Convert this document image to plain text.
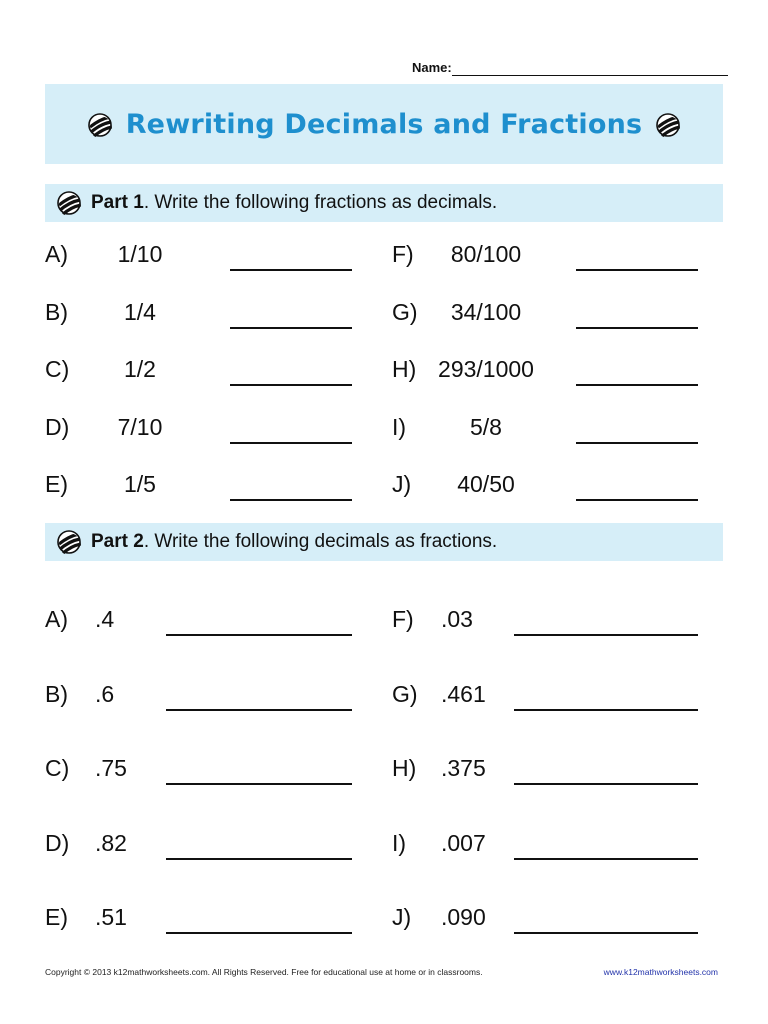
Name:
Rewriting Decimals and Fractions
Part 1 . Write the following fractions as decimals.
A)	1/10
B)	1/4
C)	1/2
D)	7/10
E)	1/5
F)	80/100
G)	34/100
H) 293/1000
I)	5/8
J)	40/50
Part 2 . Write the following decimals as fractions.
A) .4
B) .6
C) .75
D) .82
E) .51
F) .03
G) .461
H) .375
I) .007
J) .090
Copyright © 2013 k12mathworksheets.com. All Rights Reserved. Free for educational use at home or in classrooms.	www.k12mathworksheets.com
